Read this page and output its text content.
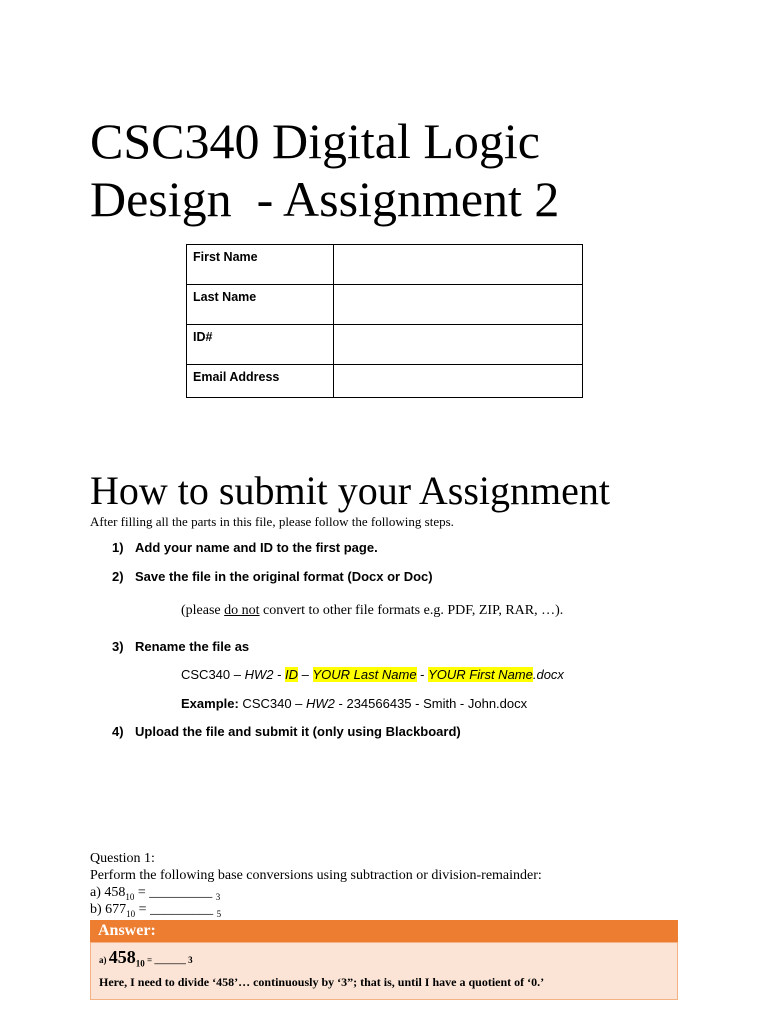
CSC340 Digital Logic
Design  - Assignment 2
First Name	
Last Name	
ID#	
Email Address	
How to submit your Assignment
After filling all the parts in this file, please follow the following steps.
1) Add your name and ID to the first page.
2) Save the file in the original format (Docx or Doc)
(please do not convert to other file formats e.g. PDF, ZIP, RAR, …).
3) Rename the file as
CSC340 – HW2 - ID – YOUR Last Name - YOUR First Name.docx
Example: CSC340 – HW2 - 234566435 - Smith - John.docx
4) Upload the file and submit it (only using Blackboard)
Question 1:
Perform the following base conversions using subtraction or division-remainder:
a) $458_{10}$ = _________ $_3$
b) $677_{10}$ = _________ $_5$
Answer:
a) $458_{10}$ = _______ 3
Here, I need to divide ‘458’… continuously by ‘3”; that is, until I have a quotient of ‘0.’
